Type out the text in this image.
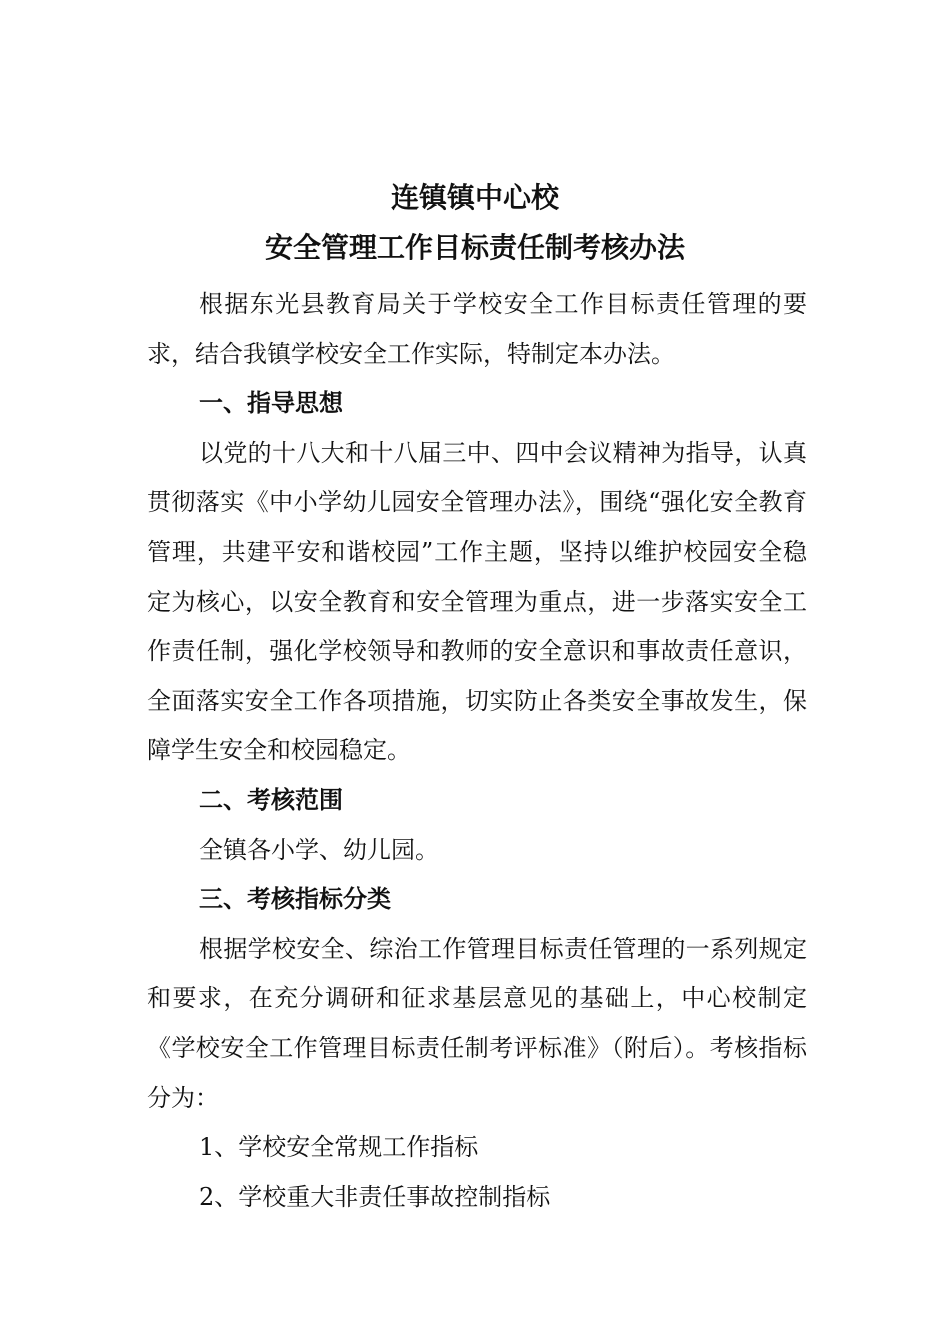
连镇镇中心校
安全管理工作目标责任制考核办法

根据东光县教育局关于学校安全工作目标责任管理的要求，结合我镇学校安全工作实际，特制定本办法。

一、指导思想

以党的十八大和十八届三中、四中会议精神为指导，认真贯彻落实《中小学幼儿园安全管理办法》，围绕“强化安全教育管理，共建平安和谐校园”工作主题，坚持以维护校园安全稳定为核心，以安全教育和安全管理为重点，进一步落实安全工作责任制，强化学校领导和教师的安全意识和事故责任意识，全面落实安全工作各项措施，切实防止各类安全事故发生，保障学生安全和校园稳定。

二、考核范围

全镇各小学、幼儿园。

三、考核指标分类

根据学校安全、综治工作管理目标责任管理的一系列规定和要求，在充分调研和征求基层意见的基础上，中心校制定《学校安全工作管理目标责任制考评标准》（附后）。考核指标分为：

1、学校安全常规工作指标

2、学校重大非责任事故控制指标
